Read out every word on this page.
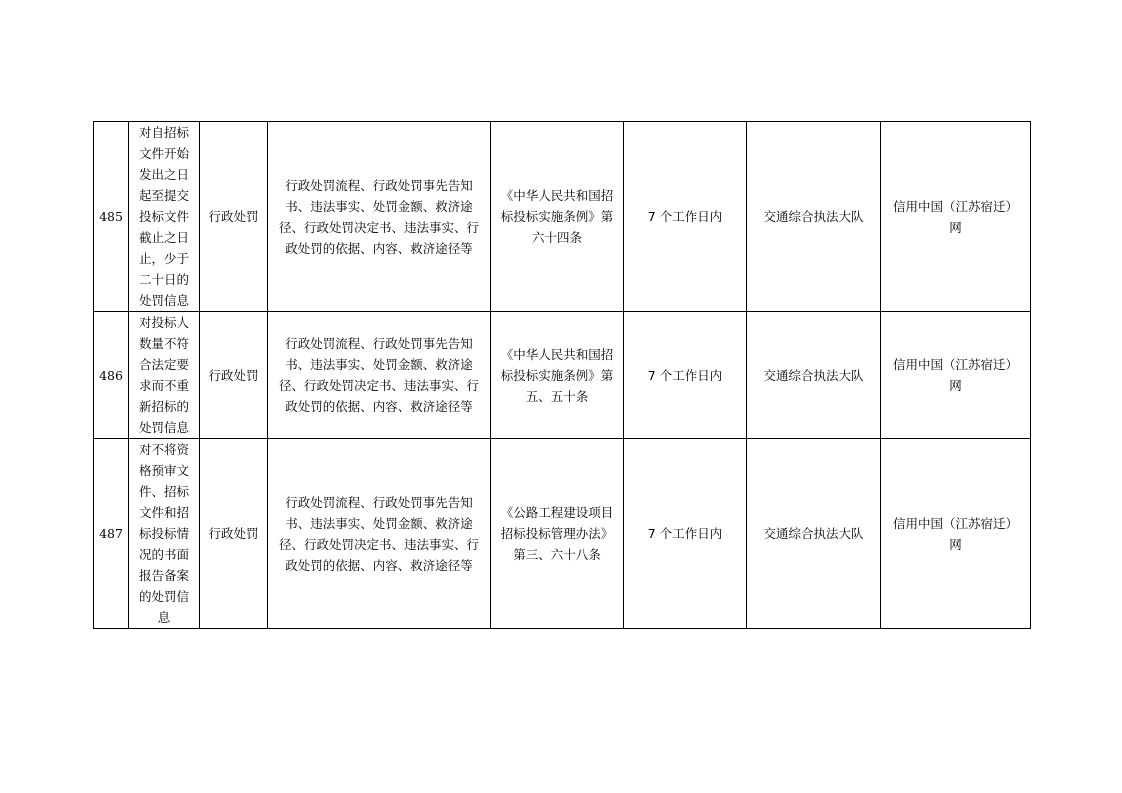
485	对自招标文件开始发出之日起至提交投标文件截止之日止，少于二十日的处罚信息	行政处罚	行政处罚流程、行政处罚事先告知书、违法事实、处罚金额、救济途径、行政处罚决定书、违法事实、行政处罚的依据、内容、救济途径等	《中华人民共和国招标投标实施条例》第六十四条	7 个工作日内	交通综合执法大队	信用中国（江苏宿迁）网
486	对投标人数量不符合法定要求而不重新招标的处罚信息	行政处罚	行政处罚流程、行政处罚事先告知书、违法事实、处罚金额、救济途径、行政处罚决定书、违法事实、行政处罚的依据、内容、救济途径等	《中华人民共和国招标投标实施条例》第五、五十条	7 个工作日内	交通综合执法大队	信用中国（江苏宿迁）网
487	对不将资格预审文件、招标文件和招标投标情况的书面报告备案的处罚信息	行政处罚	行政处罚流程、行政处罚事先告知书、违法事实、处罚金额、救济途径、行政处罚决定书、违法事实、行政处罚的依据、内容、救济途径等	《公路工程建设项目招标投标管理办法》第三、六十八条	7 个工作日内	交通综合执法大队	信用中国（江苏宿迁）网
